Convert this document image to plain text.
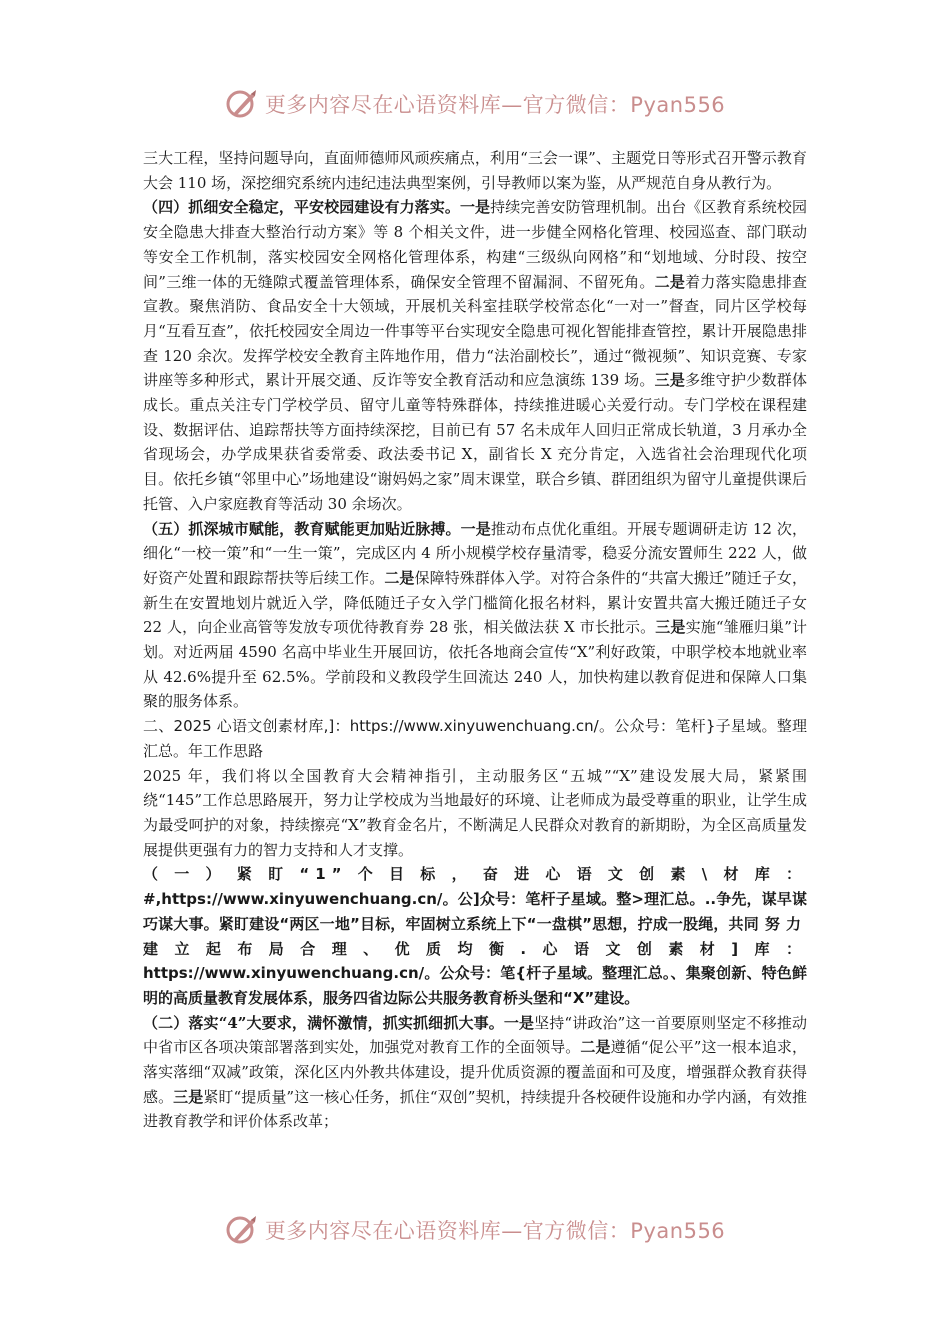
更多内容尽在心语资料库—官方微信：Pyan556

三大工程，坚持问题导向，直面师德师风顽疾痛点，利用“三会一课”、主题党日等形式召开警示教育大会 110 场，深挖细究系统内违纪违法典型案例，引导教师以案为鉴，从严规范自身从教行为。

（四）抓细安全稳定，平安校园建设有力落实。一是持续完善安防管理机制。出台《区教育系统校园安全隐患大排查大整治行动方案》等 8 个相关文件，进一步健全网格化管理、校园巡查、部门联动等安全工作机制，落实校园安全网格化管理体系，构建“三级纵向网格”和“划地域、分时段、按空间”三维一体的无缝隙式覆盖管理体系，确保安全管理不留漏洞、不留死角。二是着力落实隐患排查宣教。聚焦消防、食品安全十大领域，开展机关科室挂联学校常态化“一对一”督查，同片区学校每月“互看互查”，依托校园安全周边一件事等平台实现安全隐患可视化智能排查管控，累计开展隐患排查 120 余次。发挥学校安全教育主阵地作用，借力“法治副校长”，通过“微视频”、知识竞赛、专家讲座等多种形式，累计开展交通、反诈等安全教育活动和应急演练 139 场。三是多维守护少数群体成长。重点关注专门学校学员、留守儿童等特殊群体，持续推进暖心关爱行动。专门学校在课程建设、数据评估、追踪帮扶等方面持续深挖，目前已有 57 名未成年人回归正常成长轨道，3 月承办全省现场会，办学成果获省委常委、政法委书记 X，副省长 X 充分肯定，入选省社会治理现代化项目。依托乡镇“邻里中心”场地建设“谢妈妈之家”周末课堂，联合乡镇、群团组织为留守儿童提供课后托管、入户家庭教育等活动 30 余场次。

（五）抓深城市赋能，教育赋能更加贴近脉搏。一是推动布点优化重组。开展专题调研走访 12 次，细化“一校一策”和“一生一策”，完成区内 4 所小规模学校存量清零，稳妥分流安置师生 222 人，做好资产处置和跟踪帮扶等后续工作。二是保障特殊群体入学。对符合条件的“共富大搬迁”随迁子女，新生在安置地划片就近入学，降低随迁子女入学门槛简化报名材料，累计安置共富大搬迁随迁子女 22 人，向企业高管等发放专项优待教育券 28 张，相关做法获 X 市长批示。三是实施“雏雁归巢”计划。对近两届 4590 名高中毕业生开展回访，依托各地商会宣传“X”利好政策，中职学校本地就业率从 42.6%提升至 62.5%。学前段和义教段学生回流达 240 人，加快构建以教育促进和保障人口集聚的服务体系。

二、2025 心语文创素材库,]：https://www.xinyuwenchuang.cn/。公众号：笔杆}子星域。整理汇总。年工作思路

2025 年，我们将以全国教育大会精神指引，主动服务区“五城”“X”建设发展大局，紧紧围绕“145”工作总思路展开，努力让学校成为当地最好的环境、让老师成为最受尊重的职业，让学生成为最受呵护的对象，持续擦亮“X”教育金名片，不断满足人民群众对教育的新期盼，为全区高质量发展提供更强有力的智力支持和人才支撑。

（一）紧盯“1”个目标，奋进心语文创素\材库：#,https://www.xinyuwenchuang.cn/。公]众号：笔杆子星域。整>理汇总。..争先，谋早谋巧谋大事。紧盯建设“两区一地”目标，牢固树立系统上下“一盘棋”思想，拧成一股绳，共同努力建立起布局合理、优质均衡.心语文创素材]库：https://www.xinyuwenchuang.cn/。公众号：笔{杆子星域。整理汇总。、集聚创新、特色鲜明的高质量教育发展体系，服务四省边际公共服务教育桥头堡和“X”建设。

（二）落实“4”大要求，满怀激情，抓实抓细抓大事。一是坚持“讲政治”这一首要原则坚定不移推动中省市区各项决策部署落到实处，加强党对教育工作的全面领导。二是遵循“促公平”这一根本追求，落实落细“双减”政策，深化区内外教共体建设，提升优质资源的覆盖面和可及度，增强群众教育获得感。三是紧盯“提质量”这一核心任务，抓住“双创”契机，持续提升各校硬件设施和办学内涵，有效推进教育教学和评价体系改革；

更多内容尽在心语资料库—官方微信：Pyan556
